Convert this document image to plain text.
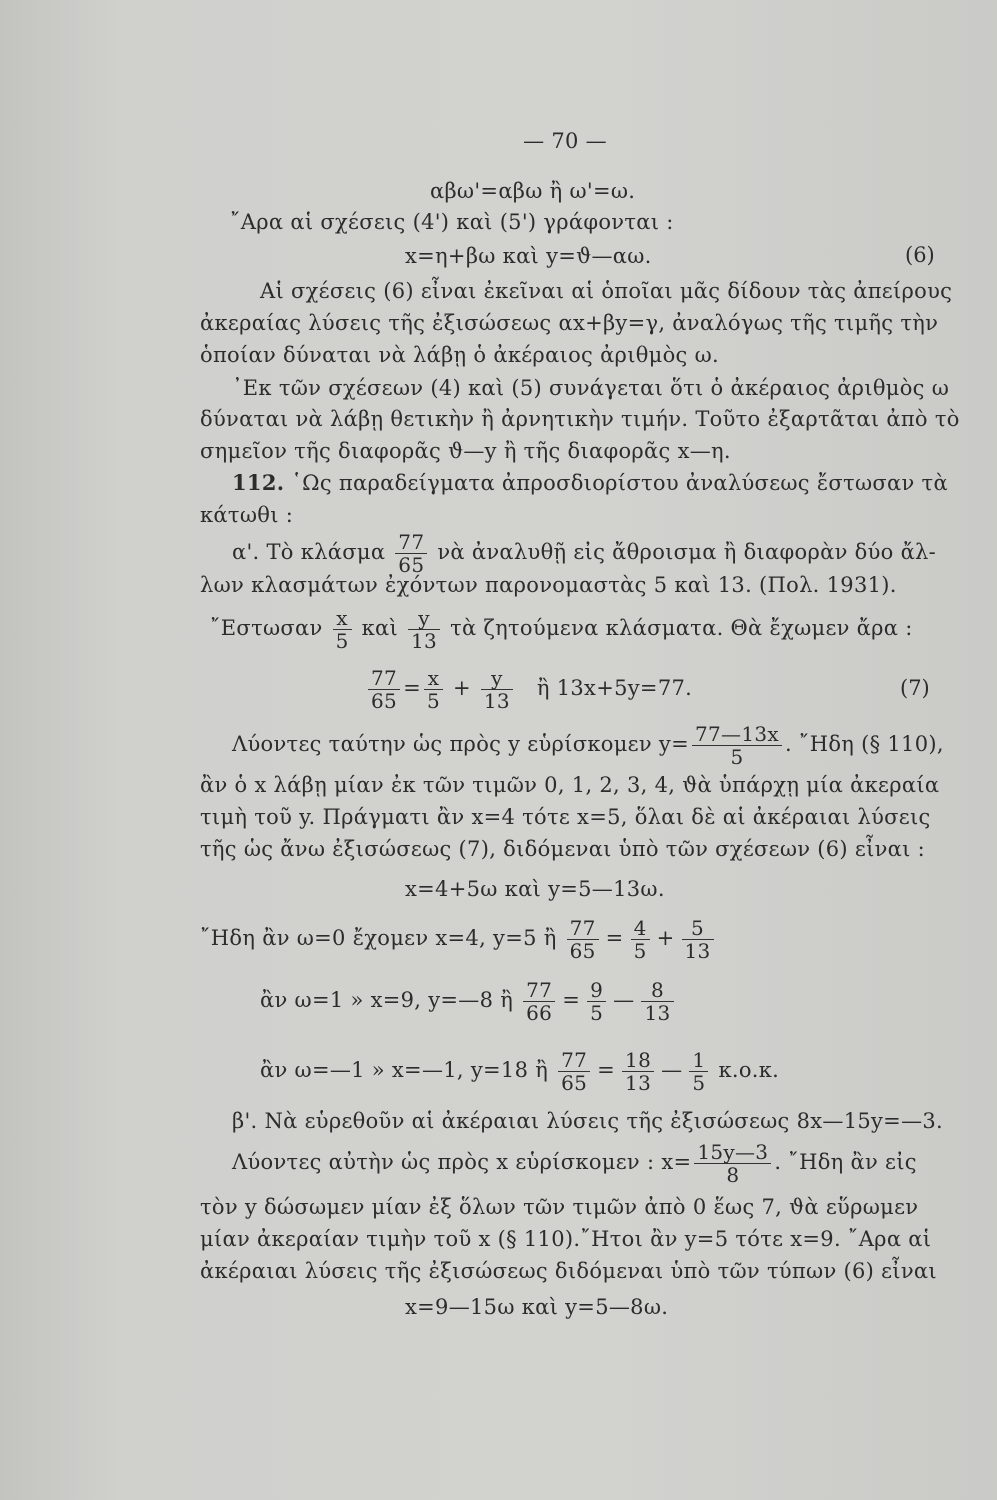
— 70 —
αβω'=αβω ἢ ω'=ω.
῎Αρα αἱ σχέσεις (4') καὶ (5') γράφονται :
x=η+βω καὶ y=ϑ—αω.	(6)
Αἱ σχέσεις (6) εἶναι ἐκεῖναι αἱ ὁποῖαι μᾶς δίδουν τὰς ἀπείρους
ἀκεραίας λύσεις τῆς ἐξισώσεως αx+βy=γ, ἀναλόγως τῆς τιμῆς τὴν
ὁποίαν δύναται νὰ λάβῃ ὁ ἀκέραιος ἀριθμὸς ω.
᾿Εκ τῶν σχέσεων (4) καὶ (5) συνάγεται ὅτι ὁ ἀκέραιος ἀριθμὸς ω
δύναται νὰ λάβῃ θετικὴν ἢ ἀρνητικὴν τιμήν. Τοῦτο ἐξαρτᾶται ἀπὸ τὸ
σημεῖον τῆς διαφορᾶς ϑ—y ἢ τῆς διαφορᾶς x—η.
112. ῾Ως παραδείγματα ἀπροσδιορίστου ἀναλύσεως ἔστωσαν τὰ
κάτωθι :
α'. Τὸ κλάσμα $\frac{77}{65}$ νὰ ἀναλυθῇ εἰς ἄθροισμα ἢ διαφορὰν δύο ἄλ-
λων κλασμάτων ἐχόντων παρονομαστὰς 5 καὶ 13. (Πολ. 1931).
῎Εστωσαν $\frac{x}{5}$ καὶ $\frac{y}{13}$ τὰ ζητούμενα κλάσματα. Θὰ ἔχωμεν ἄρα :
$\frac{77}{65} = \frac{x}{5} + \frac{y}{13}$ ἢ 13x+5y=77.	(7)
Λύοντες ταύτην ὡς πρὸς y εὑρίσκομεν $y= \frac{77—13x}{5}$ . ῎Ηδη (§ 110),
ἂν ὁ x λάβῃ μίαν ἐκ τῶν τιμῶν 0, 1, 2, 3, 4, ϑὰ ὑπάρχῃ μία ἀκεραία
τιμὴ τοῦ y. Πράγματι ἂν x=4 τότε x=5, ὅλαι δὲ αἱ ἀκέραιαι λύσεις
τῆς ὡς ἄνω ἐξισώσεως (7), διδόμεναι ὑπὸ τῶν σχέσεων (6) εἶναι :
x=4+5ω καὶ y=5—13ω.
῎Ηδη ἂν ω=0 ἔχομεν x=4, y=5 ἢ $\frac{77}{65} = \frac{4}{5} + \frac{5}{13}$
ἂν ω=1 » x=9, y=—8 ἢ $\frac{77}{66} = \frac{9}{5}$ — $\frac{8}{13}$
ἂν ω=—1 » x=—1, y=18 ἢ $\frac{77}{65} = \frac{18}{13}$ — $\frac{1}{5} \kappa.o.\kappa$.
β'. Νὰ εὑρεθοῦν αἱ ἀκέραιαι λύσεις τῆς ἐξισώσεως 8x—15y=—3.
Λύοντες αὐτὴν ὡς πρὸς x εὑρίσκομεν : $x= \frac{15y—3}{8}$ . ῎Ηδη ἂν εἰς
τὸν y δώσωμεν μίαν ἐξ ὅλων τῶν τιμῶν ἀπὸ 0 ἕως 7, ϑὰ εὕρωμεν
μίαν ἀκεραίαν τιμὴν τοῦ x (§ 110).῎Ητοι ἂν y=5 τότε x=9. ῎Αρα αἱ
ἀκέραιαι λύσεις τῆς ἐξισώσεως διδόμεναι ὑπὸ τῶν τύπων (6) εἶναι
x=9—15ω καὶ y=5—8ω.
